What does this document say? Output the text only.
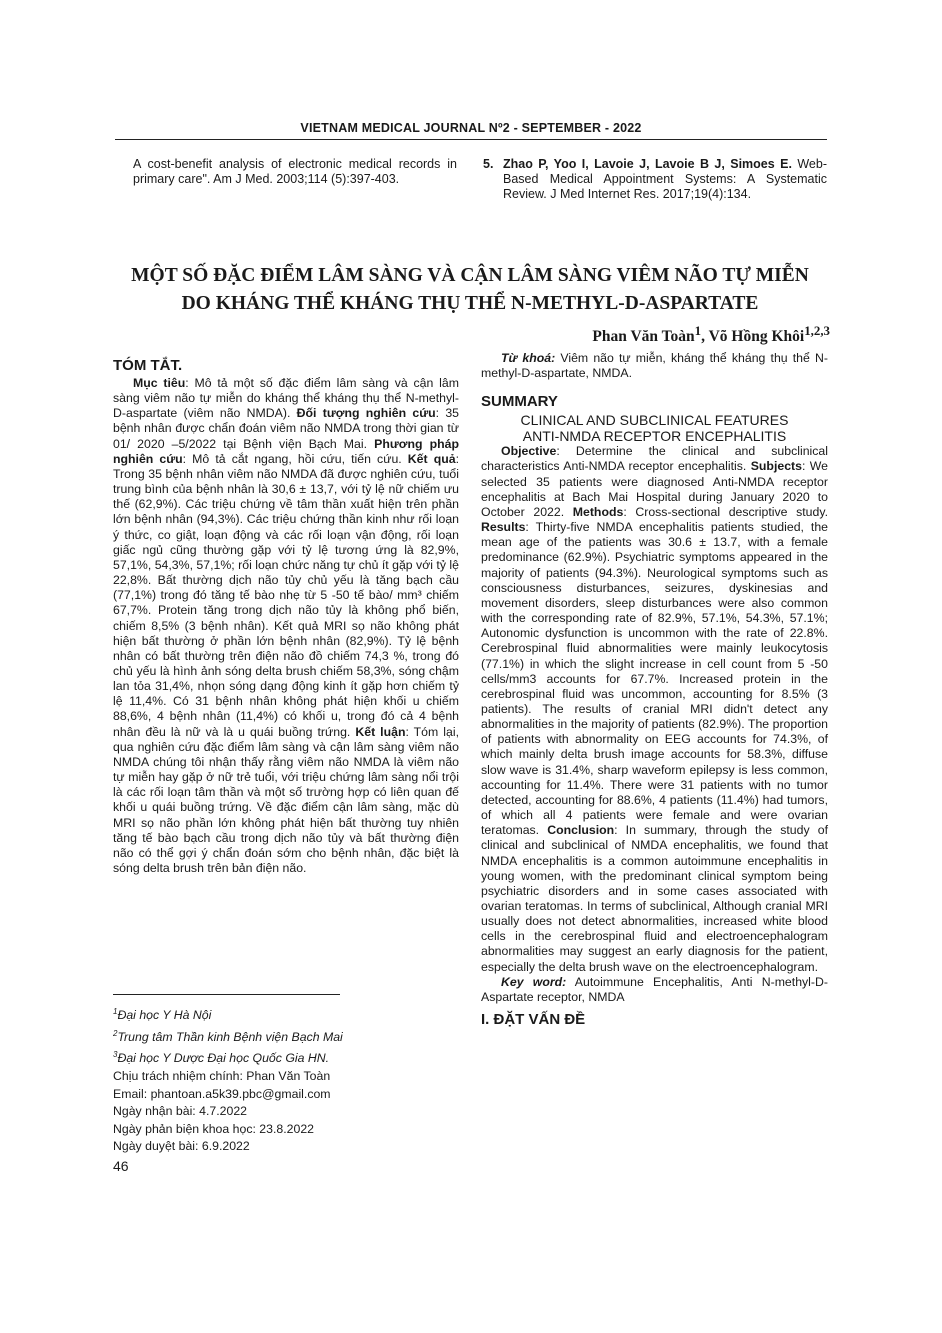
VIETNAM MEDICAL JOURNAL Nº2 - SEPTEMBER - 2022
A cost-benefit analysis of electronic medical records in primary care". Am J Med. 2003;114 (5):397-403.
5. Zhao P, Yoo I, Lavoie J, Lavoie B J, Simoes E. Web-Based Medical Appointment Systems: A Systematic Review. J Med Internet Res. 2017;19(4):134.
MỘT SỐ ĐẶC ĐIỂM LÂM SÀNG VÀ CẬN LÂM SÀNG VIÊM NÃO TỰ MIỄN
DO KHÁNG THỂ KHÁNG THỤ THỂ N-METHYL-D-ASPARTATE
Phan Văn Toàn$^1$, Võ Hồng Khôi$^{1,2,3}$
TÓM TẮT.

Mục tiêu: Mô tả một số đặc điểm lâm sàng và cận lâm sàng viêm não tự miễn do kháng thể kháng thụ thể N-methyl-D-aspartate (viêm não NMDA). Đối tượng nghiên cứu: 35 bệnh nhân được chẩn đoán viêm não NMDA trong thời gian từ 01/ 2020 –5/2022 tại Bệnh viện Bạch Mai. Phương pháp nghiên cứu: Mô tả cắt ngang, hồi cứu, tiến cứu. Kết quả: Trong 35 bệnh nhân viêm não NMDA đã được nghiên cứu, tuổi trung bình của bệnh nhân là 30,6 ± 13,7, với tỷ lệ nữ chiếm ưu thế (62,9%). Các triệu chứng về tâm thần xuất hiện trên phần lớn bệnh nhân (94,3%). Các triệu chứng thần kinh như rối loạn ý thức, co giật, loạn động và các rối loạn vận động, rối loạn giấc ngủ cũng thường gặp với tỷ lệ tương ứng là 82,9%, 57,1%, 54,3%, 57,1%; rối loạn chức năng tự chủ ít gặp với tỷ lệ 22,8%. Bất thường dịch não tủy chủ yếu là tăng bạch cầu (77,1%) trong đó tăng tế bào nhẹ từ 5 -50 tế bào/ mm³ chiếm 67,7%. Protein tăng trong dịch não tủy là không phổ biến, chiếm 8,5% (3 bệnh nhân). Kết quả MRI sọ não không phát hiện bất thường ở phần lớn bệnh nhân (82,9%). Tỷ lệ bệnh nhân có bất thường trên điện não đồ chiếm 74,3 %, trong đó chủ yếu là hình ảnh sóng delta brush chiếm 58,3%, sóng chậm lan tỏa 31,4%, nhọn sóng dạng động kinh ít gặp hơn chiếm tỷ lệ 11,4%. Có 31 bệnh nhân không phát hiện khối u chiếm 88,6%, 4 bệnh nhân (11,4%) có khối u, trong đó cả 4 bệnh nhân đều là nữ và là u quái buồng trứng. Kết luận: Tóm lại, qua nghiên cứu đặc điểm lâm sàng và cận lâm sàng viêm não NMDA chúng tôi nhận thấy rằng viêm não NMDA là viêm não tự miễn hay gặp ở nữ trẻ tuổi, với triệu chứng lâm sàng nổi trội là các rối loạn tâm thần và một số trường hợp có liên quan đế khối u quái buồng trứng. Về đặc điểm cận lâm sàng, mặc dù MRI sọ não phần lớn không phát hiện bất thường tuy nhiên tăng tế bào bạch cầu trong dịch não tủy và bất thường điện não có thể gợi ý chẩn đoán sớm cho bệnh nhân, đặc biệt là sóng delta brush trên bản điện não.

$^1$Đại học Y Hà Nội
$^2$Trung tâm Thần kinh Bệnh viện Bạch Mai
$^3$Đại học Y Dược Đại học Quốc Gia HN.
Chịu trách nhiệm chính: Phan Văn Toàn
Email: phantoan.a5k39.pbc@gmail.com
Ngày nhận bài: 4.7.2022
Ngày phản biện khoa học: 23.8.2022
Ngày duyệt bài: 6.9.2022
46

Từ khoá: Viêm não tự miễn, kháng thể kháng thụ thể N-methyl-D-aspartate, NMDA.

SUMMARY

CLINICAL AND SUBCLINICAL FEATURES

ANTI-NMDA RECEPTOR ENCEPHALITIS

Objective: Determine the clinical and subclinical characteristics Anti-NMDA receptor encephalitis. Subjects: We selected 35 patients were diagnosed Anti-NMDA receptor encephalitis at Bach Mai Hospital during January 2020 to October 2022. Methods: Cross-sectional descriptive study. Results: Thirty-five NMDA encephalitis patients studied, the mean age of the patients was 30.6 ± 13.7, with a female predominance (62.9%). Psychiatric symptoms appeared in the majority of patients (94.3%). Neurological symptoms such as consciousness disturbances, seizures, dyskinesias and movement disorders, sleep disturbances were also common with the corresponding rate of 82.9%, 57.1%, 54.3%, 57.1%; Autonomic dysfunction is uncommon with the rate of 22.8%. Cerebrospinal fluid abnormalities were mainly leukocytosis (77.1%) in which the slight increase in cell count from 5 -50 cells/mm3 accounts for 67.7%. Increased protein in the cerebrospinal fluid was uncommon, accounting for 8.5% (3 patients). The results of cranial MRI didn't detect any abnormalities in the majority of patients (82.9%). The proportion of patients with abnormality on EEG accounts for 74.3%, of which mainly delta brush image accounts for 58.3%, diffuse slow wave is 31.4%, sharp waveform epilepsy is less common, accounting for 11.4%. There were 31 patients with no tumor detected, accounting for 88.6%, 4 patients (11.4%) had tumors, of which all 4 patients were female and were ovarian teratomas. Conclusion: In summary, through the study of clinical and subclinical of NMDA encephalitis, we found that NMDA encephalitis is a common autoimmune encephalitis in young women, with the predominant clinical symptom being psychiatric disorders and in some cases associated with ovarian teratomas. In terms of subclinical, Although cranial MRI usually does not detect abnormalities, increased white blood cells in the cerebrospinal fluid and electroencephalogram abnormalities may suggest an early diagnosis for the patient, especially the delta brush wave on the electroencephalogram.

Key word: Autoimmune Encephalitis, Anti N-methyl-D-Aspartate receptor, NMDA

I. ĐẶT VẤN ĐỀ
